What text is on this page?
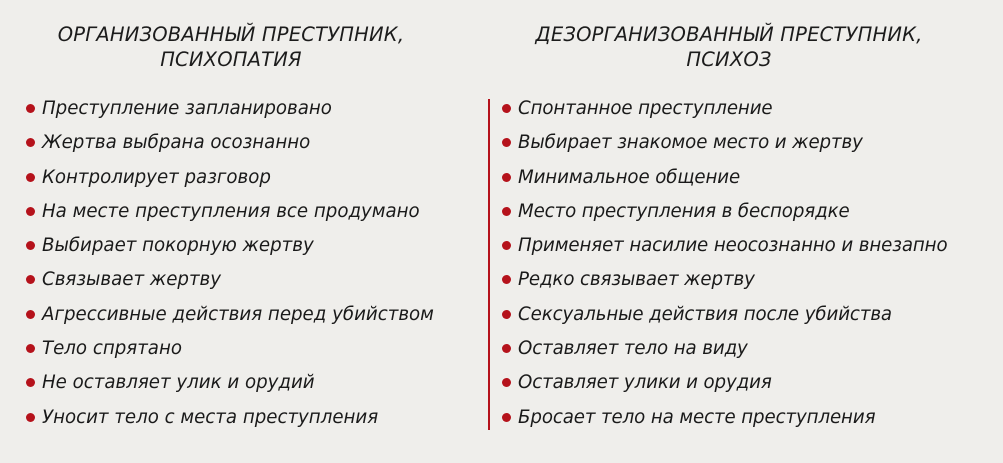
ОРГАНИЗОВАННЫЙ ПРЕСТУПНИК,
ПСИХОПАТИЯ
Преступление запланировано
Жертва выбрана осознанно
Контролирует разговор
На месте преступления все продумано
Выбирает покорную жертву
Связывает жертву
Агрессивные действия перед убийством
Тело спрятано
Не оставляет улик и орудий
Уносит тело с места преступления
ДЕЗОРГАНИЗОВАННЫЙ ПРЕСТУПНИК,
ПСИХОЗ
Спонтанное преступление
Выбирает знакомое место и жертву
Минимальное общение
Место преступления в беспорядке
Применяет насилие неосознанно и внезапно
Редко связывает жертву
Сексуальные действия после убийства
Оставляет тело на виду
Оставляет улики и орудия
Бросает тело на месте преступления
